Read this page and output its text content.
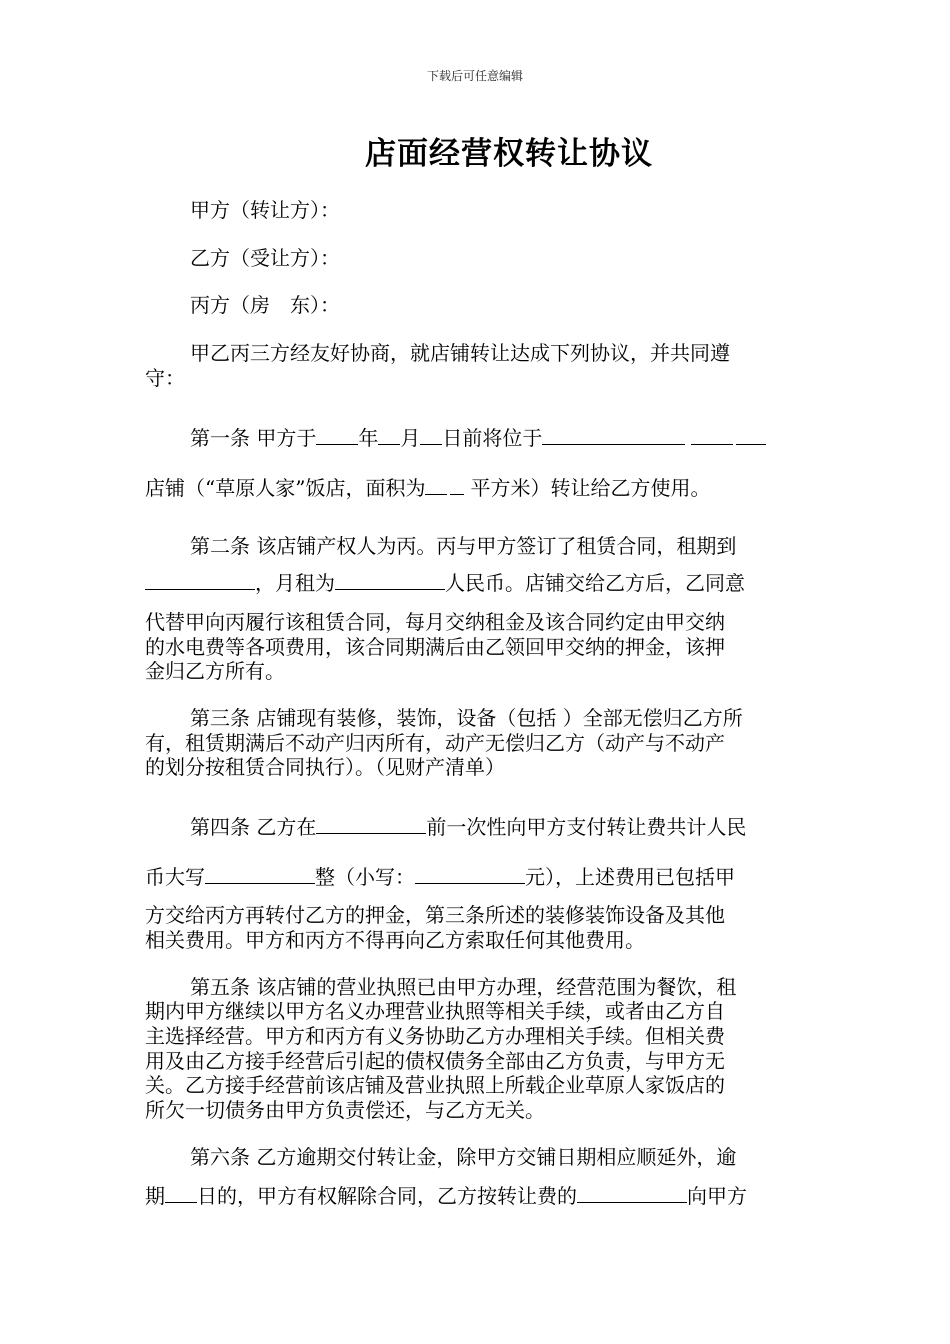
下载后可任意编辑
店面经营权转让协议
甲方（转让方）：
乙方（受让方）：
丙方（房　东）：
甲乙丙三方经友好协商，就店铺转让达成下列协议，并共同遵
守：
第一条 甲方于 年 月 日前将位于
店铺（“草原人家”饭店，面积为 平方米）转让给乙方使用。
第二条 该店铺产权人为丙。丙与甲方签订了租赁合同，租期到
，月租为	人民币。店铺交给乙方后，乙同意
代替甲向丙履行该租赁合同，每月交纳租金及该合同约定由甲交纳
的水电费等各项费用，该合同期满后由乙领回甲交纳的押金，该押
金归乙方所有。
第三条 店铺现有装修，装饰，设备（包括 ）全部无偿归乙方所
有，租赁期满后不动产归丙所有，动产无偿归乙方（动产与不动产
的划分按租赁合同执行）。（见财产清单）
第四条 乙方在	前一次性向甲方支付转让费共计人民
币大写	整（小写：	元），上述费用已包括甲
方交给丙方再转付乙方的押金，第三条所述的装修装饰设备及其他
相关费用。甲方和丙方不得再向乙方索取任何其他费用。
第五条 该店铺的营业执照已由甲方办理，经营范围为餐饮，租
期内甲方继续以甲方名义办理营业执照等相关手续，或者由乙方自
主选择经营。甲方和丙方有义务协助乙方办理相关手续。但相关费
用及由乙方接手经营后引起的债权债务全部由乙方负责，与甲方无
关。乙方接手经营前该店铺及营业执照上所载企业草原人家饭店的
所欠一切债务由甲方负责偿还，与乙方无关。
第六条 乙方逾期交付转让金，除甲方交铺日期相应顺延外，逾
期 日的，甲方有权解除合同，乙方按转让费的	向甲方
